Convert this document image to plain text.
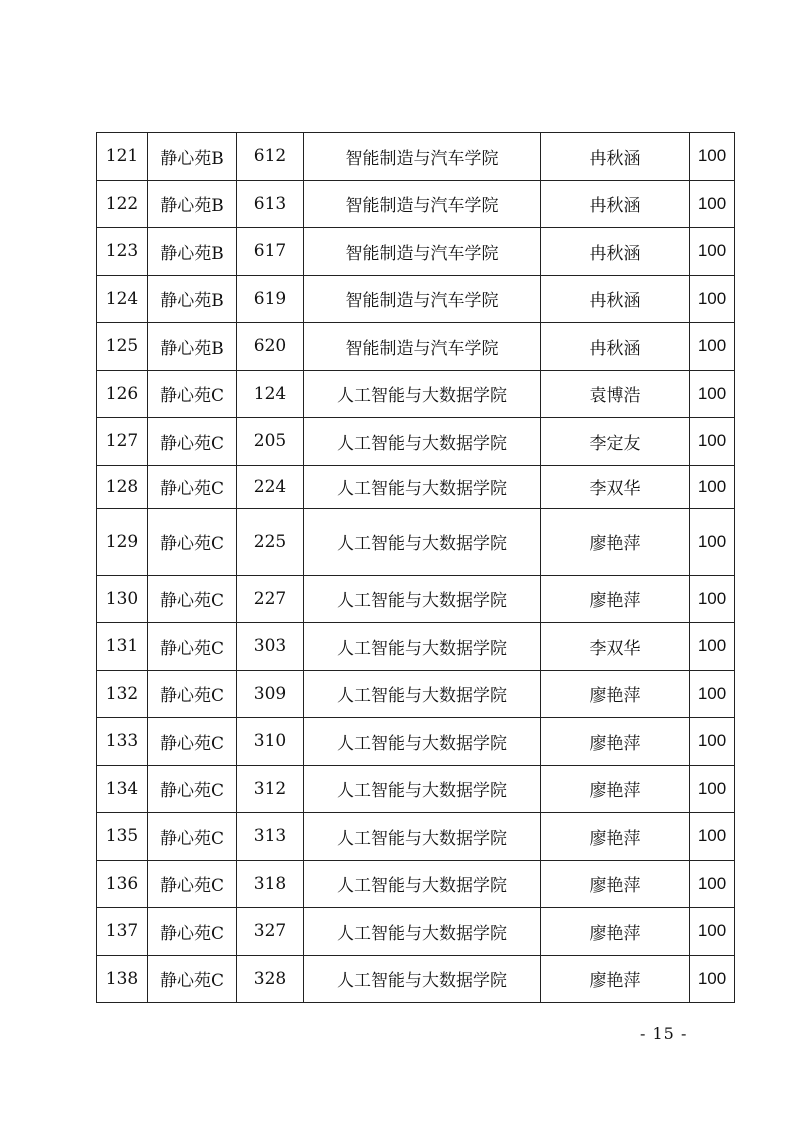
121	静心苑B	612	智能制造与汽车学院	冉秋涵	100
122	静心苑B	613	智能制造与汽车学院	冉秋涵	100
123	静心苑B	617	智能制造与汽车学院	冉秋涵	100
124	静心苑B	619	智能制造与汽车学院	冉秋涵	100
125	静心苑B	620	智能制造与汽车学院	冉秋涵	100
126	静心苑C	124	人工智能与大数据学院	袁博浩	100
127	静心苑C	205	人工智能与大数据学院	李定友	100
128	静心苑C	224	人工智能与大数据学院	李双华	100
129	静心苑C	225	人工智能与大数据学院	廖艳萍	100
130	静心苑C	227	人工智能与大数据学院	廖艳萍	100
131	静心苑C	303	人工智能与大数据学院	李双华	100
132	静心苑C	309	人工智能与大数据学院	廖艳萍	100
133	静心苑C	310	人工智能与大数据学院	廖艳萍	100
134	静心苑C	312	人工智能与大数据学院	廖艳萍	100
135	静心苑C	313	人工智能与大数据学院	廖艳萍	100
136	静心苑C	318	人工智能与大数据学院	廖艳萍	100
137	静心苑C	327	人工智能与大数据学院	廖艳萍	100
138	静心苑C	328	人工智能与大数据学院	廖艳萍	100
- 15 -
